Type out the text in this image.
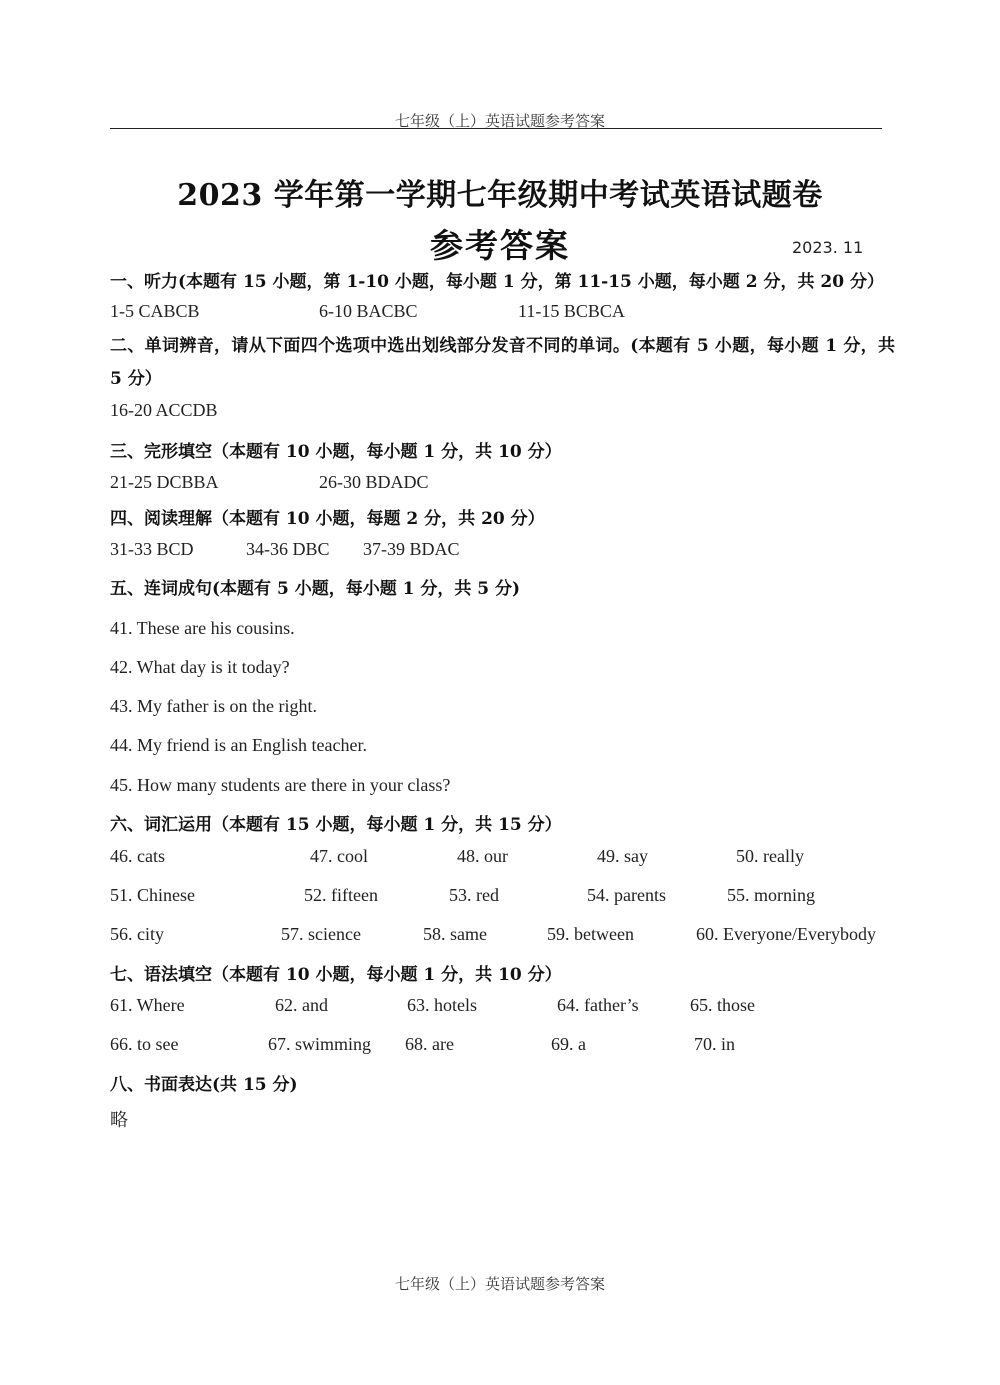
七年级（上）英语试题参考答案
2023 学年第一学期七年级期中考试英语试题卷
参考答案	2023. 11
一、听力(本题有 15 小题，第 1-10 小题，每小题 1 分，第 11-15 小题，每小题 2 分，共 20 分）
1-5 CABCB	6-10 BACBC	11-15 BCBCA
二、单词辨音，请从下面四个选项中选出划线部分发音不同的单词。(本题有 5 小题，每小题 1 分，共 5 分）
16-20 ACCDB
三、完形填空（本题有 10 小题，每小题 1 分，共 10 分）
21-25 DCBBA	26-30 BDADC
四、阅读理解（本题有 10 小题，每题 2 分，共 20 分）
31-33 BCD	34-36 DBC 37-39 BDAC
五、连词成句(本题有 5 小题，每小题 1 分，共 5 分)
41. These are his cousins.
42. What day is it today?
43. My father is on the right.
44. My friend is an English teacher.
45. How many students are there in your class?
六、词汇运用（本题有 15 小题，每小题 1 分，共 15 分）
46. cats	47. cool	48. our	49. say	50. really
51. Chinese	52. fifteen	53. red	54. parents	55. morning
56. city	57. science	58. same	59. between	60. Everyone/Everybody
七、语法填空（本题有 10 小题，每小题 1 分，共 10 分）
61. Where	62. and	63. hotels	64. father’s	65. those
66. to see	67. swimming 68. are	69. a	70. in
八、书面表达(共 15 分)
略
七年级（上）英语试题参考答案
